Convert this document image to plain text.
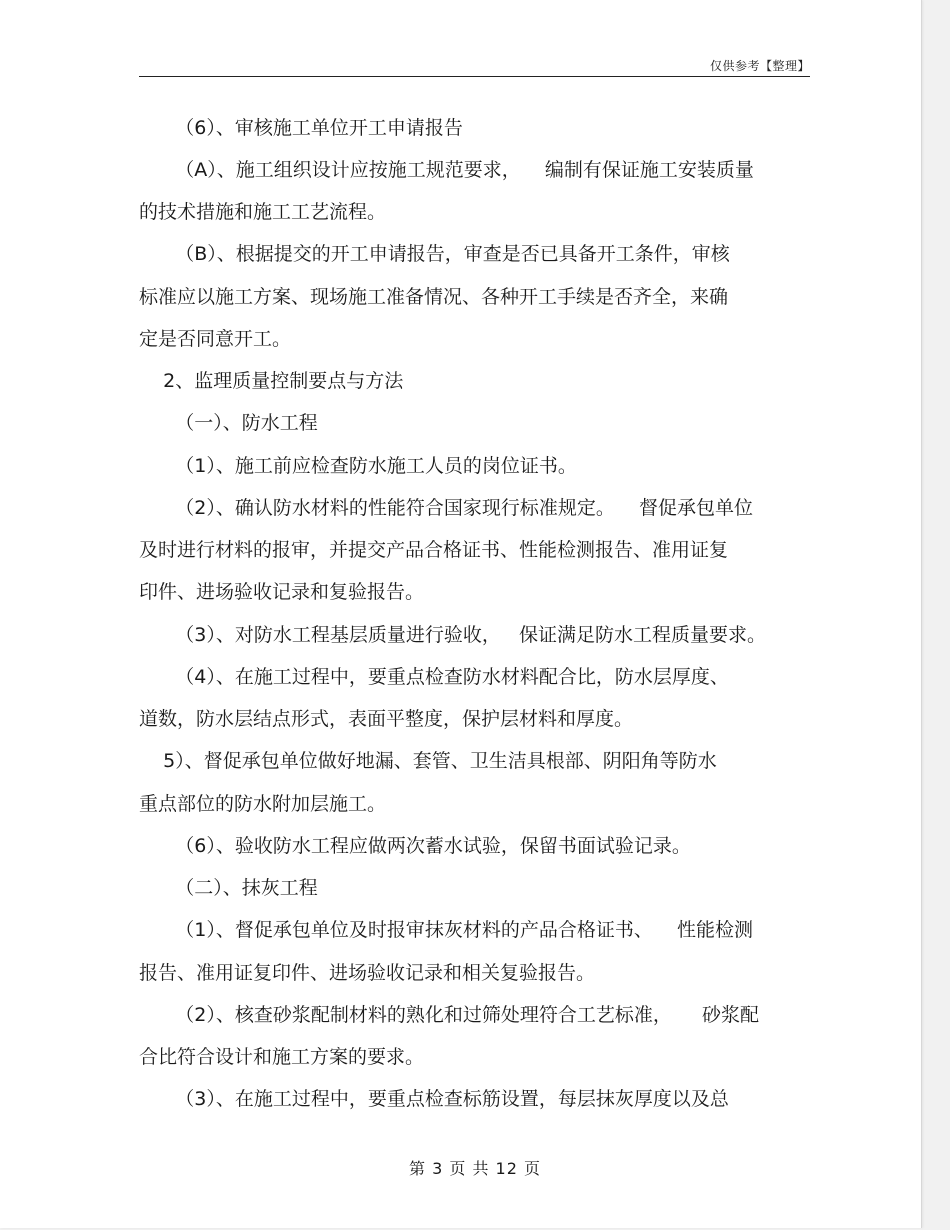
仅供参考【整理】

（6）、审核施工单位开工申请报告

（A）、施工组织设计应按施工规范要求，    编制有保证施工安装质量

的技术措施和施工工艺流程。

（B）、根据提交的开工申请报告，审查是否已具备开工条件，审核

标准应以施工方案、现场施工准备情况、各种开工手续是否齐全，来确

定是否同意开工。

2、监理质量控制要点与方法

（一）、防水工程

（1）、施工前应检查防水施工人员的岗位证书。

（2）、确认防水材料的性能符合国家现行标准规定。    督促承包单位

及时进行材料的报审，并提交产品合格证书、性能检测报告、准用证复

印件、进场验收记录和复验报告。

（3）、对防水工程基层质量进行验收，   保证满足防水工程质量要求。

（4）、在施工过程中，要重点检查防水材料配合比，防水层厚度、

道数，防水层结点形式，表面平整度，保护层材料和厚度。

5）、督促承包单位做好地漏、套管、卫生洁具根部、阴阳角等防水

重点部位的防水附加层施工。

（6）、验收防水工程应做两次蓄水试验，保留书面试验记录。

（二）、抹灰工程

（1）、督促承包单位及时报审抹灰材料的产品合格证书、    性能检测

报告、准用证复印件、进场验收记录和相关复验报告。

（2）、核查砂浆配制材料的熟化和过筛处理符合工艺标准，     砂浆配

合比符合设计和施工方案的要求。

（3）、在施工过程中，要重点检查标筋设置，每层抹灰厚度以及总

第 3 页 共 12 页
